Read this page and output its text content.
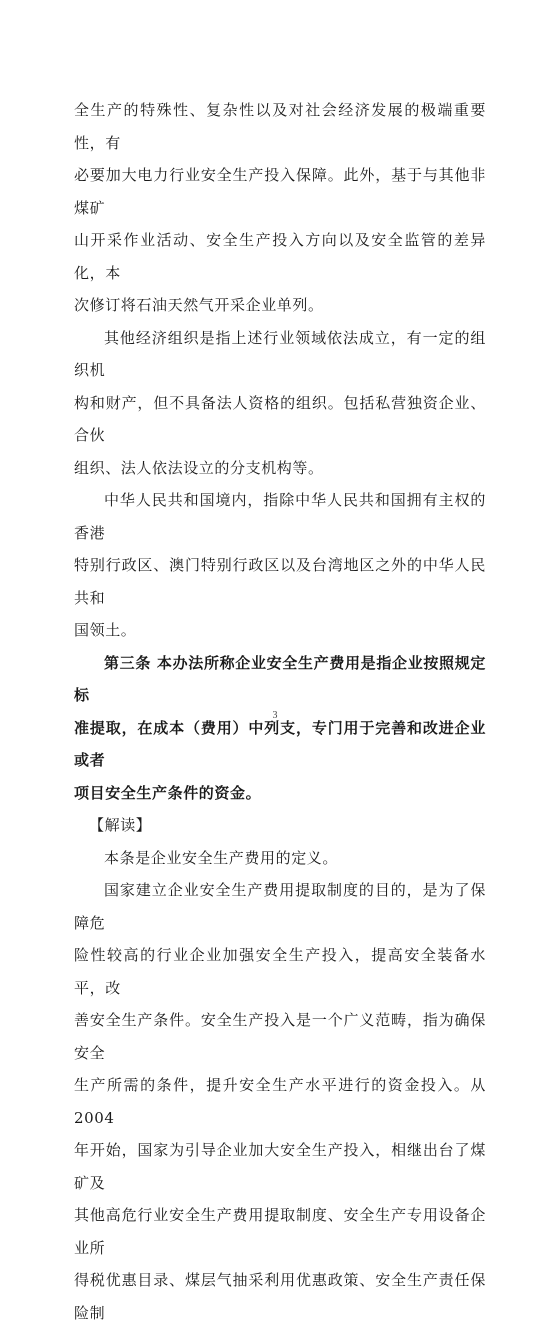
全生产的特殊性、复杂性以及对社会经济发展的极端重要性，有
必要加大电力行业安全生产投入保障。此外，基于与其他非煤矿
山开采作业活动、安全生产投入方向以及安全监管的差异化，本
次修订将石油天然气开采企业单列。

其他经济组织是指上述行业领域依法成立，有一定的组织机
构和财产，但不具备法人资格的组织。包括私营独资企业、合伙
组织、法人依法设立的分支机构等。

中华人民共和国境内，指除中华人民共和国拥有主权的香港
特别行政区、澳门特别行政区以及台湾地区之外的中华人民共和
国领土。

第三条 本办法所称企业安全生产费用是指企业按照规定标
准提取，在成本（费用）中列支，专门用于完善和改进企业或者
项目安全生产条件的资金。

【解读】

本条是企业安全生产费用的定义。

国家建立企业安全生产费用提取制度的目的，是为了保障危
险性较高的行业企业加强安全生产投入，提高安全装备水平，改
善安全生产条件。安全生产投入是一个广义范畴，指为确保安全
生产所需的条件，提升安全生产水平进行的资金投入。从 2004
年开始，国家为引导企业加大安全生产投入，相继出台了煤矿及
其他高危行业安全生产费用提取制度、安全生产专用设备企业所
得税优惠目录、煤层气抽采利用优惠政策、安全生产责任保险制

3
